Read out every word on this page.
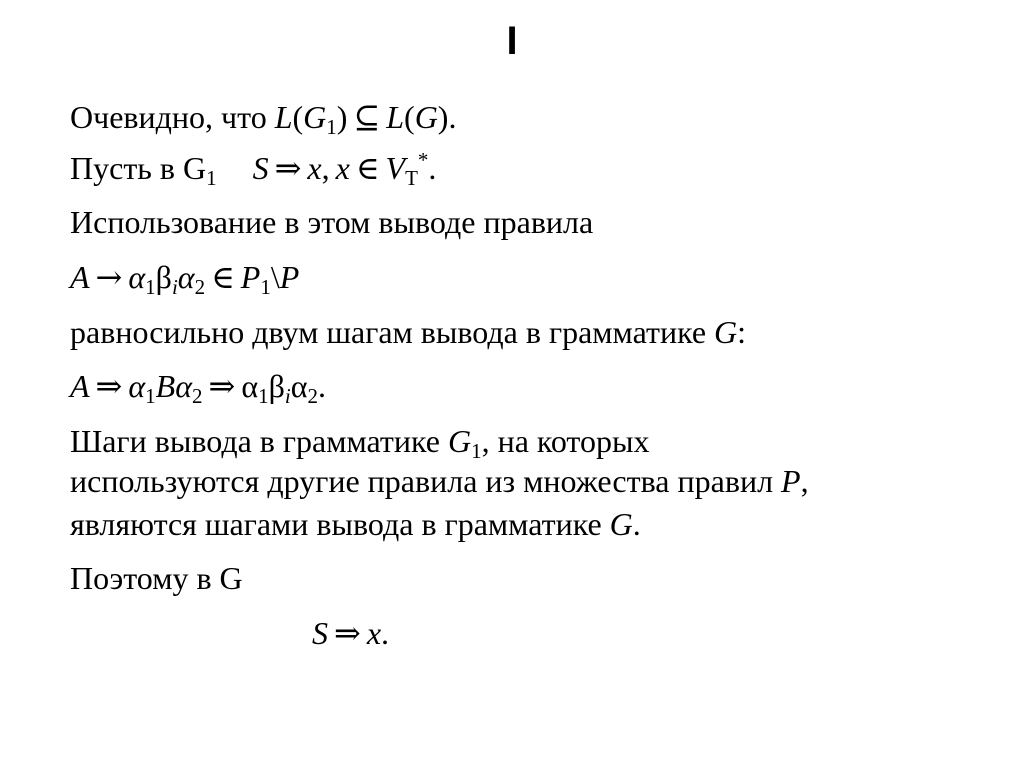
I
Очевидно, что $L(G_1)$ ⊆ L(G).
Пусть в $G_1$ S ⇒ x, x ∈ $V_T^*$.
Использование в этом выводе правила
$A \to \alpha_1\beta_i\alpha_2$ ∈ $P_1\backslash P$
равносильно двум шагам вывода в грамматике G:
A ⇒ $\alpha_1B\alpha_2$ ⇒ $\alpha_1\beta_i\alpha_2$.
Шаги вывода в грамматике $G_1$, на которых
используются другие правила из множества правил P,
являются шагами вывода в грамматике G.
Поэтому в G
S ⇒ x.
